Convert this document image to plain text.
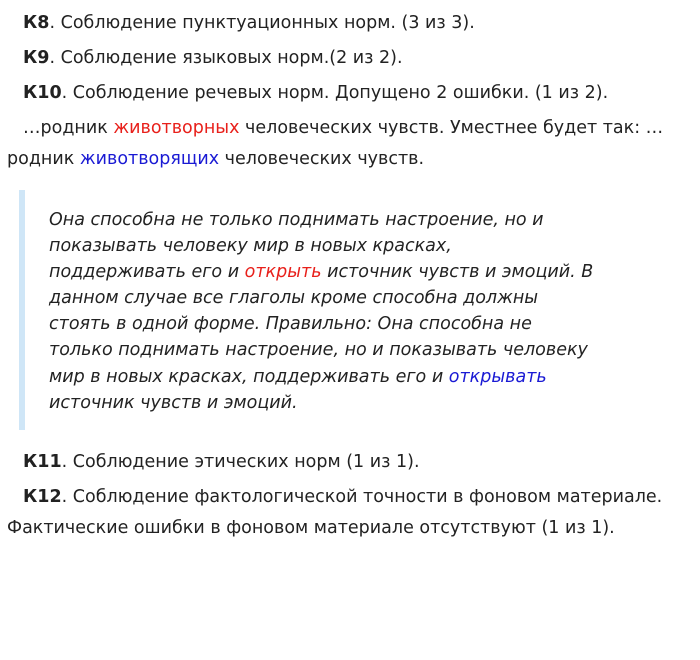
К8. Соблюдение пунктуационных норм. (3 из 3).

К9. Соблюдение языковых норм.(2 из 2).

К10. Соблюдение речевых норм. Допущено 2 ошибки. (1 из 2).

…родник животворных человеческих чувств. Уместнее будет так: …

родник животворящих человеческих чувств.

Она способна не только поднимать настроение, но и
показывать человеку мир в новых красках,
поддерживать его и открыть источник чувств и эмоций. В
данном случае все глаголы кроме способна должны
стоять в одной форме. Правильно: Она способна не
только поднимать настроение, но и показывать человеку
мир в новых красках, поддерживать его и открывать
источник чувств и эмоций.

К11. Соблюдение этических норм (1 из 1).

К12. Соблюдение фактологической точности в фоновом материале.

Фактические ошибки в фоновом материале отсутствуют (1 из 1).
